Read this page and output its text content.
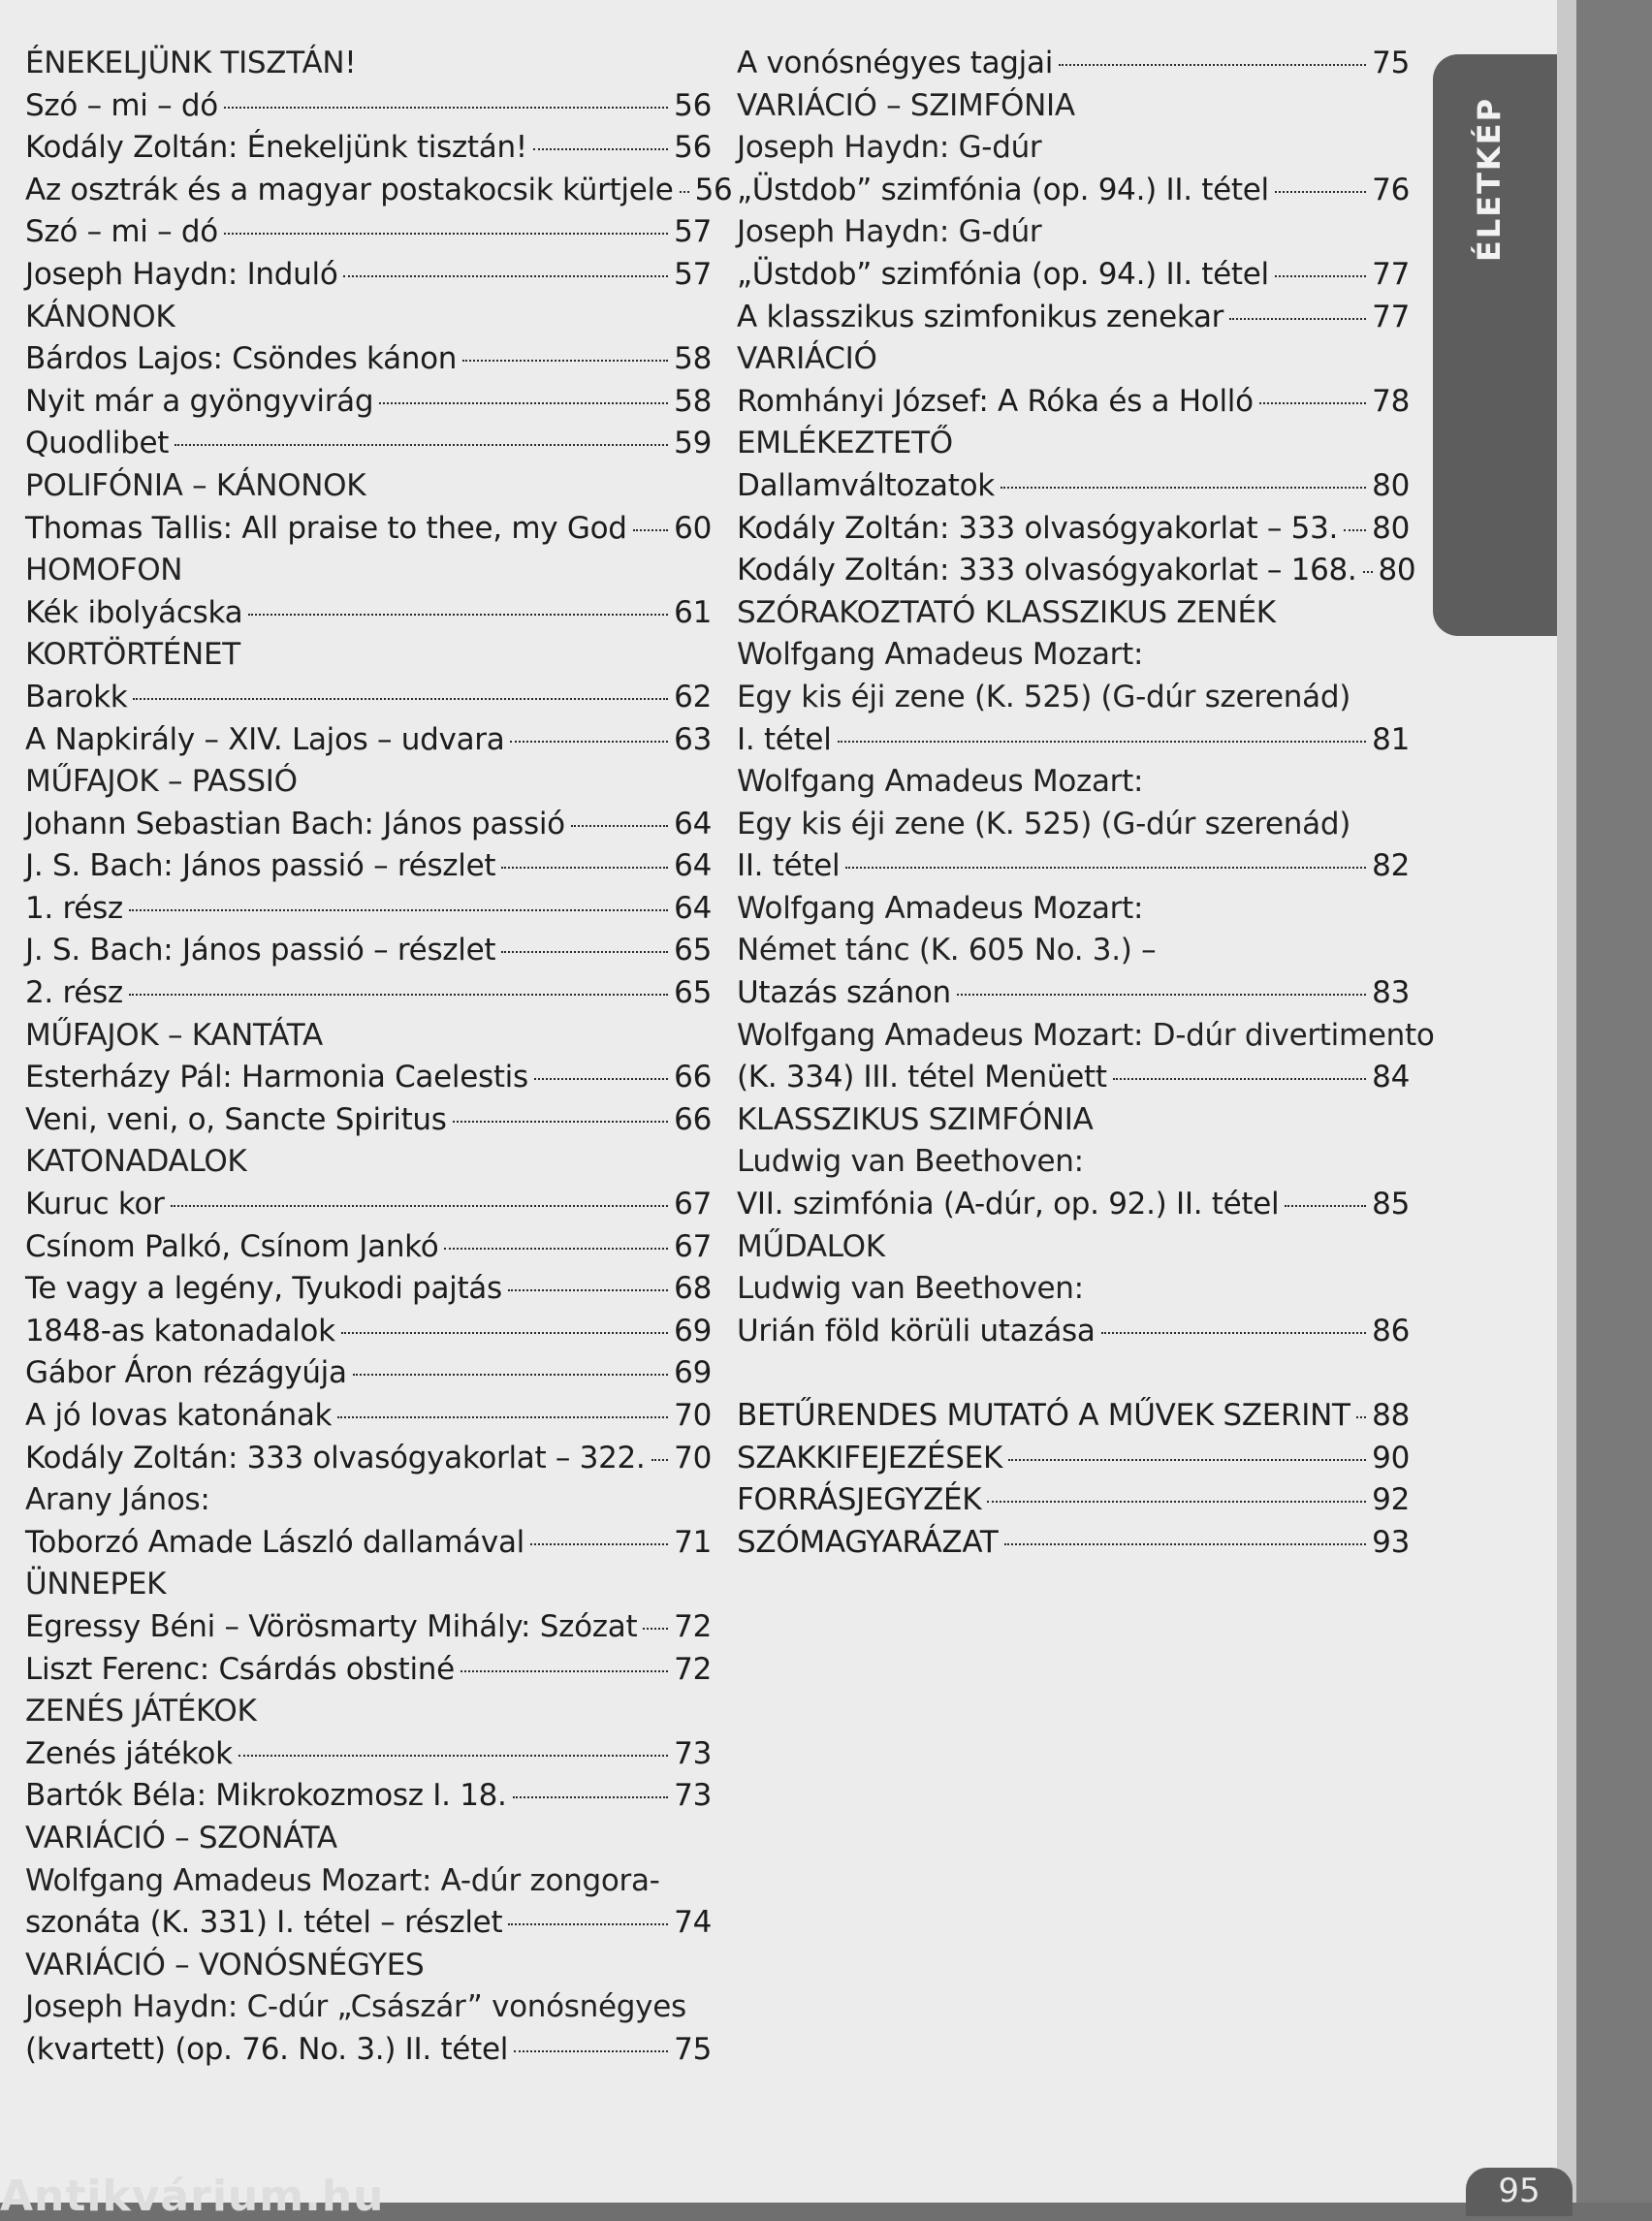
ÉNEKELJÜNK TISZTÁN!
Szó – mi – dó	56
Kodály Zoltán: Énekeljünk tisztán!	56
Az osztrák és a magyar postakocsik kürtjele 56
Szó – mi – dó	57
Joseph Haydn: Induló	57
KÁNONOK
Bárdos Lajos: Csöndes kánon	58
Nyit már a gyöngyvirág	58
Quodlibet	59
POLIFÓNIA – KÁNONOK
Thomas Tallis: All praise to thee, my God 60
HOMOFON
Kék ibolyácska	61
KORTÖRTÉNET
Barokk	62
A Napkirály – XIV. Lajos – udvara	63
MŰFAJOK – PASSIÓ
Johann Sebastian Bach: János passió	64
J. S. Bach: János passió – részlet	64
1. rész	64
J. S. Bach: János passió – részlet	65
2. rész	65
MŰFAJOK – KANTÁTA
Esterházy Pál: Harmonia Caelestis	66
Veni, veni, o, Sancte Spiritus	66
KATONADALOK
Kuruc kor	67
Csínom Palkó, Csínom Jankó	67
Te vagy a legény, Tyukodi pajtás	68
1848-as katonadalok	69
Gábor Áron rézágyúja	69
A jó lovas katonának	70
Kodály Zoltán: 333 olvasógyakorlat – 322. 70
Arany János:
Toborzó Amade László dallamával	71
ÜNNEPEK
Egressy Béni – Vörösmarty Mihály: Szózat 72
Liszt Ferenc: Csárdás obstiné	72
ZENÉS JÁTÉKOK
Zenés játékok	73
Bartók Béla: Mikrokozmosz I. 18.	73
VARIÁCIÓ – SZONÁTA
Wolfgang Amadeus Mozart: A-dúr zongora-
szonáta (K. 331) I. tétel – részlet	74
VARIÁCIÓ – VONÓSNÉGYES
Joseph Haydn: C-dúr „Császár” vonósnégyes
(kvartett) (op. 76. No. 3.) II. tétel	75
A vonósnégyes tagjai	75
VARIÁCIÓ – SZIMFÓNIA
Joseph Haydn: G-dúr
„Üstdob” szimfónia (op. 94.) II. tétel	76
Joseph Haydn: G-dúr
„Üstdob” szimfónia (op. 94.) II. tétel	77
A klasszikus szimfonikus zenekar	77
VARIÁCIÓ
Romhányi József: A Róka és a Holló	78
EMLÉKEZTETŐ
Dallamváltozatok	80
Kodály Zoltán: 333 olvasógyakorlat – 53. 80
Kodály Zoltán: 333 olvasógyakorlat – 168. 80
SZÓRAKOZTATÓ KLASSZIKUS ZENÉK
Wolfgang Amadeus Mozart:
Egy kis éji zene (K. 525) (G-dúr szerenád)
I. tétel	81
Wolfgang Amadeus Mozart:
Egy kis éji zene (K. 525) (G-dúr szerenád)
II. tétel	82
Wolfgang Amadeus Mozart:
Német tánc (K. 605 No. 3.) –
Utazás szánon	83
Wolfgang Amadeus Mozart: D-dúr divertimento
(K. 334) III. tétel Menüett	84
KLASSZIKUS SZIMFÓNIA
Ludwig van Beethoven:
VII. szimfónia (A-dúr, op. 92.) II. tétel	85
MŰDALOK
Ludwig van Beethoven:
Urián föld körüli utazása	86
BETŰRENDES MUTATÓ A MŰVEK SZERINT 88
SZAKKIFEJEZÉSEK	90
FORRÁSJEGYZÉK	92
SZÓMAGYARÁZAT	93
ÉLETKÉP
95
Antikvárium.hu
